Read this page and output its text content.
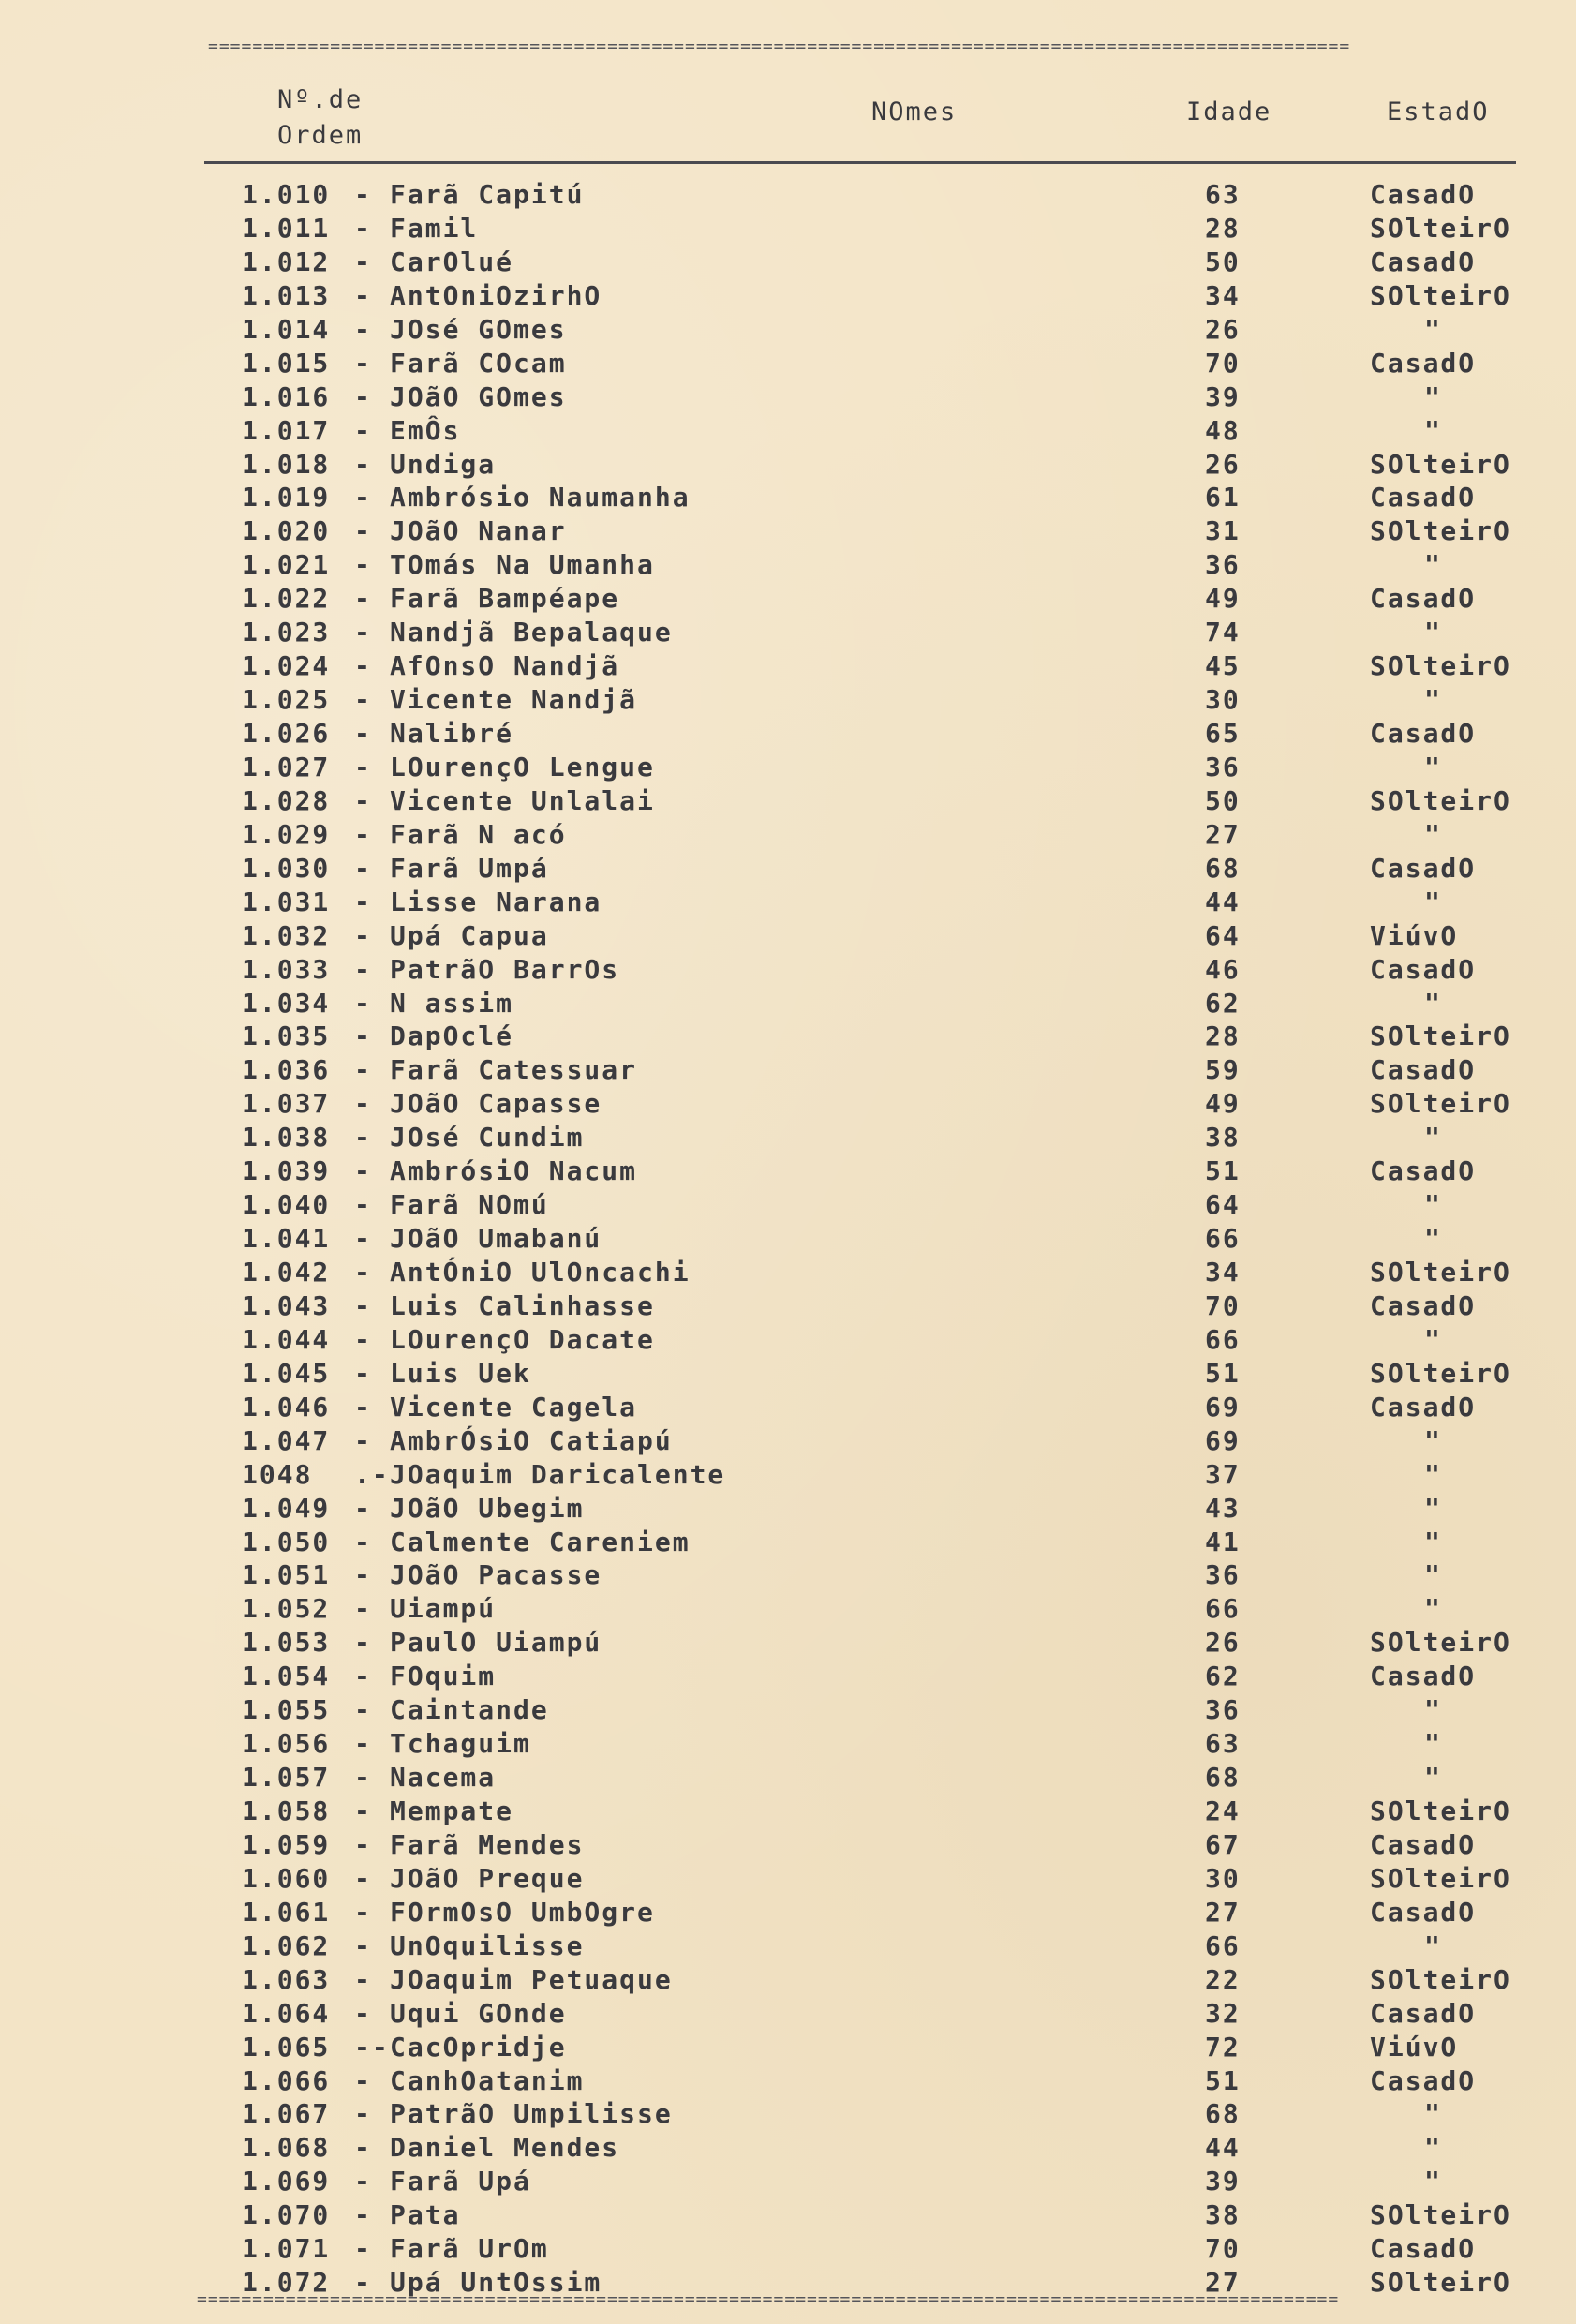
=======================================================================================================
Nº.de
Ordem
NOmes	Idade	EstadO
1.010 - Farã Capitú	63	CasadO
1.011 - Famil	28	SOlteirO
1.012 - CarOlué	50	CasadO
1.013 - AntOniOzirhO	34	SOlteirO
1.014 - JOsé GOmes	26	"
1.015 - Farã COcam	70	CasadO
1.016 - JOãO GOmes	39	"
1.017 - EmÔs	48	"
1.018 - Undiga	26	SOlteirO
1.019 - Ambrósio Naumanha	61	CasadO
1.020 - JOãO Nanar	31	SOlteirO
1.021 - TOmás Na Umanha	36	"
1.022 - Farã Bampéape	49	CasadO
1.023 - Nandjã Bepalaque	74	"
1.024 - AfOnsO Nandjã	45	SOlteirO
1.025 - Vicente Nandjã	30	"
1.026 - Nalibré	65	CasadO
1.027 - LOurençO Lengue	36	"
1.028 - Vicente Unlalai	50	SOlteirO
1.029 - Farã N acó	27	"
1.030 - Farã Umpá	68	CasadO
1.031 - Lisse Narana	44	"
1.032 - Upá Capua	64	ViúvO
1.033 - PatrãO BarrOs	46	CasadO
1.034 - N assim	62	"
1.035 - DapOclé	28	SOlteirO
1.036 - Farã Catessuar	59	CasadO
1.037 - JOãO Capasse	49	SOlteirO
1.038 - JOsé Cundim	38	"
1.039 - AmbrósiO Nacum	51	CasadO
1.040 - Farã NOmú	64	"
1.041 - JOãO Umabanú	66	"
1.042 - AntÓniO UlOncachi	34	SOlteirO
1.043 - Luis Calinhasse	70	CasadO
1.044 - LOurençO Dacate	66	"
1.045 - Luis Uek	51	SOlteirO
1.046 - Vicente Cagela	69	CasadO
1.047 - AmbrÓsiO Catiapú	69	"
1048 .- JOaquim Daricalente	37	"
1.049 - JOãO Ubegim	43	"
1.050 - Calmente Careniem	41	"
1.051 - JOãO Pacasse	36	"
1.052 - Uiampú	66	"
1.053 - PaulO Uiampú	26	SOlteirO
1.054 - FOquim	62	CasadO
1.055 - Caintande	36	"
1.056 - Tchaguim	63	"
1.057 - Nacema	68	"
1.058 - Mempate	24	SOlteirO
1.059 - Farã Mendes	67	CasadO
1.060 - JOãO Preque	30	SOlteirO
1.061 - FOrmOsO UmbOgre	27	CasadO
1.062 - UnOquilisse	66	"
1.063 - JOaquim Petuaque	22	SOlteirO
1.064 - Uqui GOnde	32	CasadO
1.065 -- CacOpridje	72	ViúvO
1.066 - CanhOatanim	51	CasadO
1.067 - PatrãO Umpilisse	68	"
1.068 - Daniel Mendes	44	"
1.069 - Farã Upá	39	"
1.070 - Pata	38	SOlteirO
1.071 - Farã UrOm	70	CasadO
1.072 - Upá UntOssim	27	SOlteirO
=======================================================================================================
